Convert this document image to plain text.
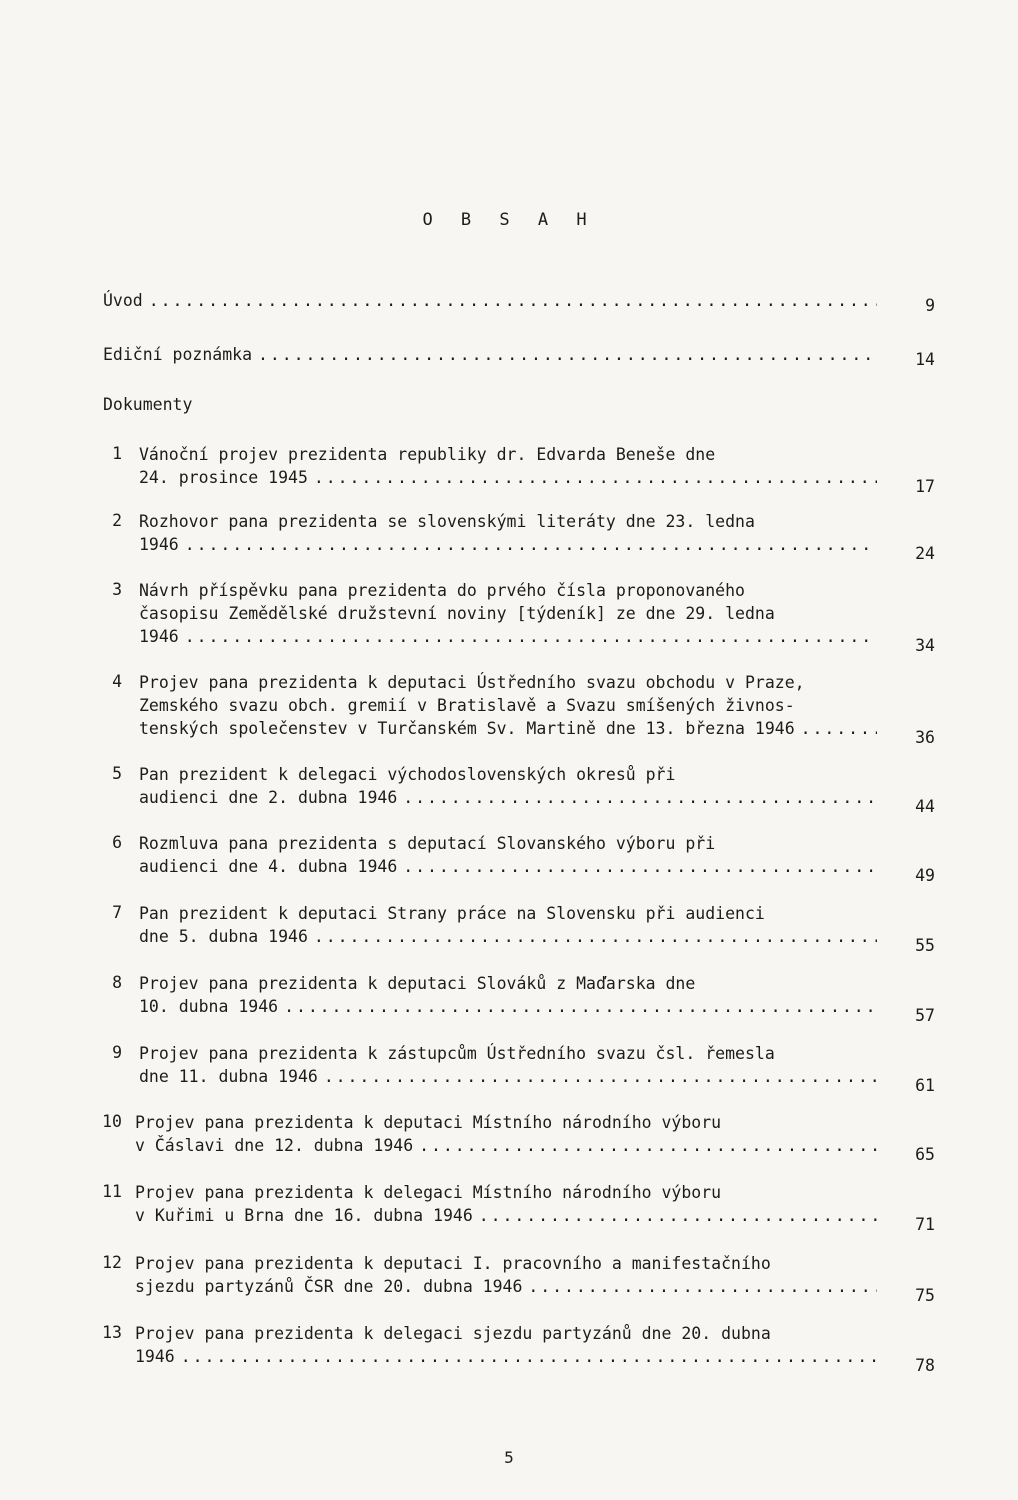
O B S A H
Úvod . . .	9
Ediční poznámka . . .	14
Dokumenty
1 Vánoční projev prezidenta republiky dr. Edvarda Beneše dne
24. prosince 1945 . . .	17
2 Rozhovor pana prezidenta se slovenskými literáty dne 23. ledna
1946 . . .	24
3 Návrh příspěvku pana prezidenta do prvého čísla proponovaného
časopisu Zemědělské družstevní noviny [týdeník] ze dne 29. ledna
1946 . . .	34
4 Projev pana prezidenta k deputaci Ústředního svazu obchodu v Praze,
Zemského svazu obch. gremií v Bratislavě a Svazu smíšených živnos-
tenských společenstev v Turčanském Sv. Martině dne 13. března 1946 . . .	36
5 Pan prezident k delegaci východoslovenských okresů při
audienci dne 2. dubna 1946 . . .	44
6 Rozmluva pana prezidenta s deputací Slovanského výboru při
audienci dne 4. dubna 1946 . . .	49
7 Pan prezident k deputaci Strany práce na Slovensku při audienci
dne 5. dubna 1946 . . .	55
8 Projev pana prezidenta k deputaci Slováků z Maďarska dne
10. dubna 1946 . . .	57
9 Projev pana prezidenta k zástupcům Ústředního svazu čsl. řemesla
dne 11. dubna 1946 . . .	61
10 Projev pana prezidenta k deputaci Místního národního výboru
v Čáslavi dne 12. dubna 1946 . . .	65
11 Projev pana prezidenta k delegaci Místního národního výboru
v Kuřimi u Brna dne 16. dubna 1946 . . .	71
12 Projev pana prezidenta k deputaci I. pracovního a manifestačního
sjezdu partyzánů ČSR dne 20. dubna 1946 . . .	75
13 Projev pana prezidenta k delegaci sjezdu partyzánů dne 20. dubna
1946 . . .	78
5
